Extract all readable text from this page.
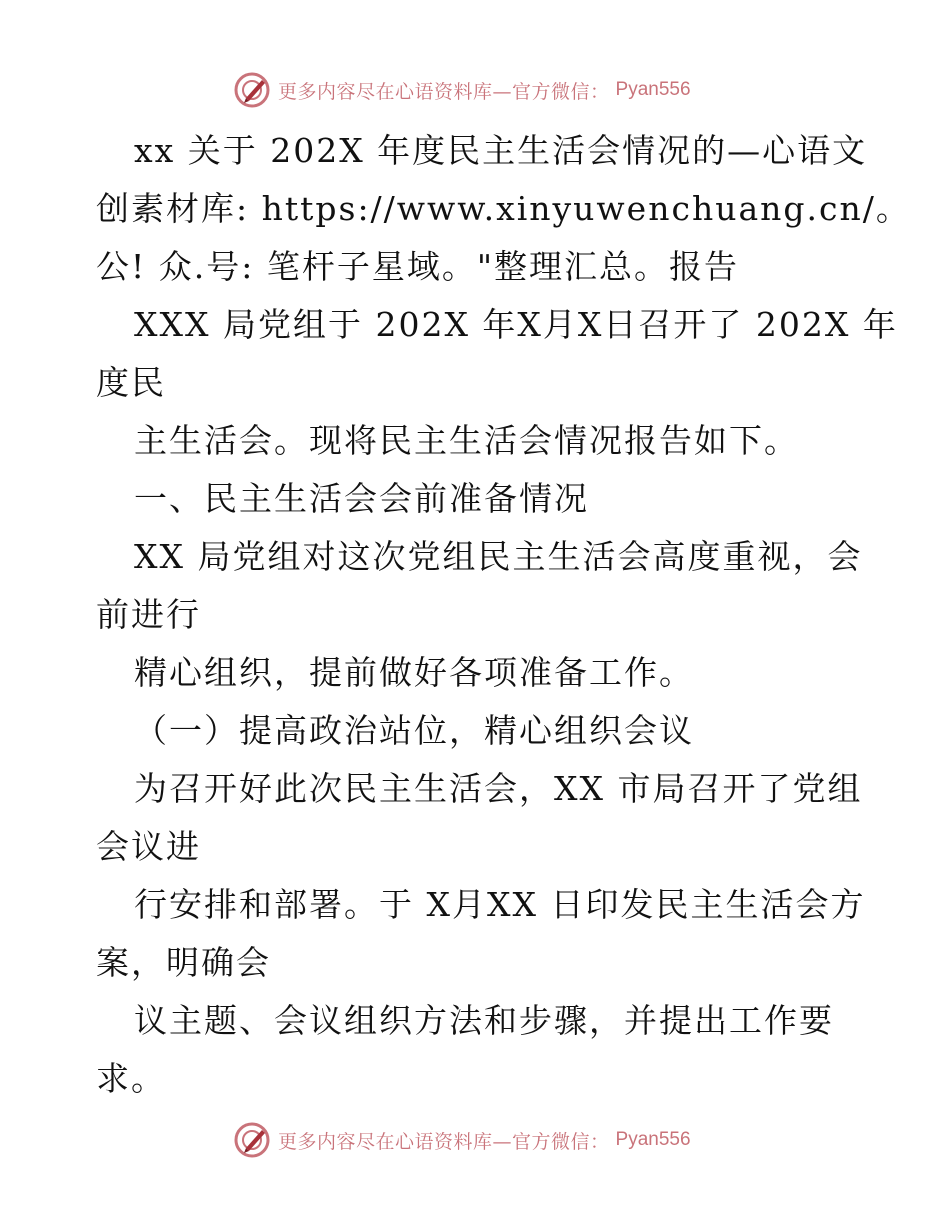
更多内容尽在心语资料库—官方微信： Pyan556
xx 关于 202X 年度民主生活会情况的—心语文
创素材库: https://www.xinyuwenchuang.cn/。
公! 众.号: 笔杆子星域。"整理汇总。报告
XXX 局党组于 202X 年X月X日召开了 202X 年
度民
主生活会。现将民主生活会情况报告如下。
一、民主生活会会前准备情况
XX 局党组对这次党组民主生活会高度重视，会
前进行
精心组织，提前做好各项准备工作。
（一）提高政治站位，精心组织会议
为召开好此次民主生活会，XX 市局召开了党组
会议进
行安排和部署。于 X月XX 日印发民主生活会方
案，明确会
议主题、会议组织方法和步骤，并提出工作要
求。
更多内容尽在心语资料库—官方微信： Pyan556
